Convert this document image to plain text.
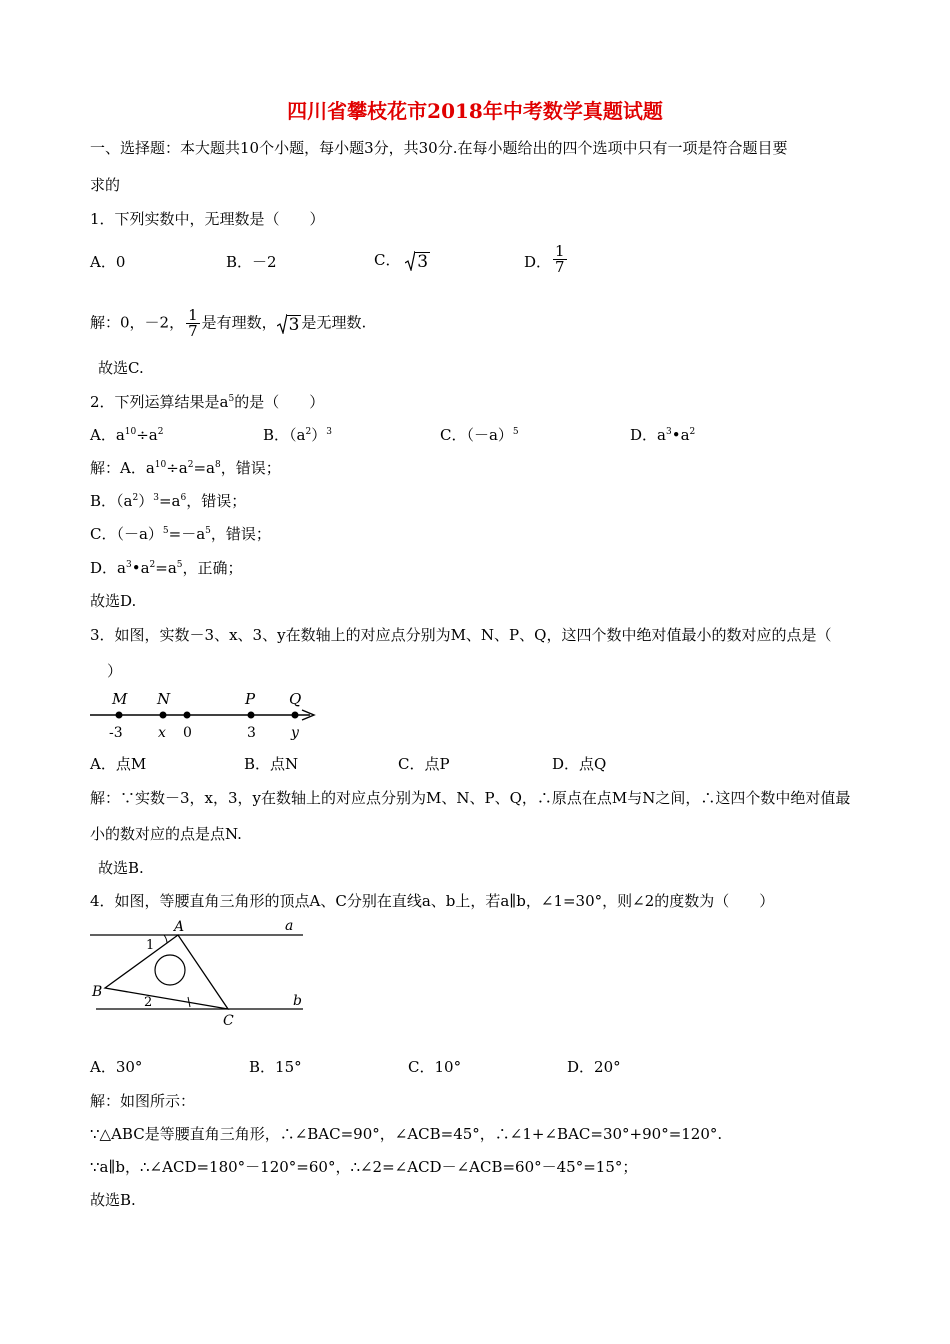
四川省攀枝花市2018年中考数学真题试题
一、选择题：本大题共10个小题，每小题3分，共30分.在每小题给出的四个选项中只有一项是符合题目要
求的
1．下列实数中，无理数是（　　）
A．0	B．－2	C． 3	D． $\frac{1}{7}$
解：0，－2， $\frac{1}{7}$ 是有理数， 3 是无理数.
故选C.
2．下列运算结果是$a^5$的是（　　）
A．$a^{10}\div a^2$	B．$(a^2)^3$	C．$(-a)^5$	D．$a^3•a^2$
解：A．$a^{10}\div a^2=a^8$，错误；
B．$(a^2)^3=a^6$，错误；
C．$(-a)^5=-a^5$，错误；
D．$a^3•a^2=a^5$，正确；
故选D.
3．如图，实数－3、x、3、y在数轴上的对应点分别为M、N、P、Q，这四个数中绝对值最小的数对应的点是（
）
M N	P Q
-3	x 0	3	y
A．点M	B．点N	C．点P	D．点Q
解：∵实数－3，x，3，y在数轴上的对应点分别为M、N、P、Q，∴原点在点M与N之间，∴这四个数中绝对值最
小的数对应的点是点N.
故选B.
4．如图，等腰直角三角形的顶点A、C分别在直线a、b上，若a∥b，∠1=30°，则∠2的度数为（　　）
A
B
C
a
b
1
2
A．30°	B．15°	C．10°	D．20°
解：如图所示：
∵△ABC是等腰直角三角形，∴∠BAC=90°，∠ACB=45°，∴∠1+∠BAC=30°+90°=120°.
∵a∥b，∴∠ACD=180°－120°=60°，∴∠2=∠ACD－∠ACB=60°－45°=15°；
故选B.
